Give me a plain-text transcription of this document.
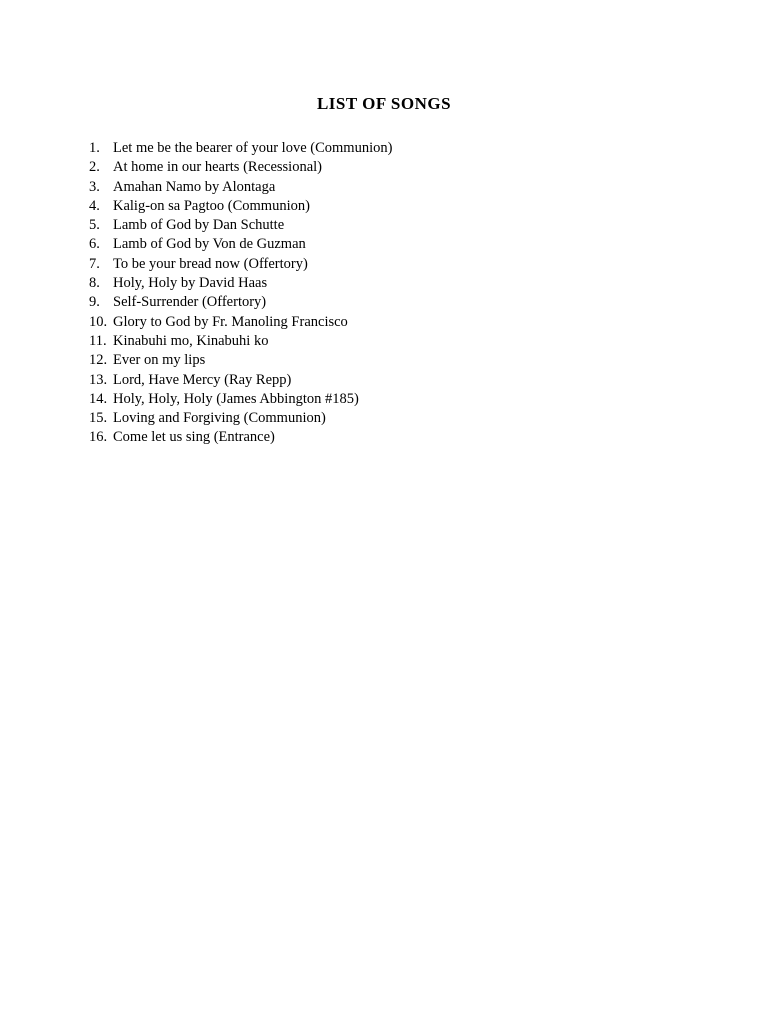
LIST OF SONGS
1. Let me be the bearer of your love (Communion)
2. At home in our hearts (Recessional)
3. Amahan Namo by Alontaga
4. Kalig-on sa Pagtoo (Communion)
5. Lamb of God by Dan Schutte
6. Lamb of God by Von de Guzman
7. To be your bread now (Offertory)
8. Holy, Holy by David Haas
9. Self-Surrender (Offertory)
10. Glory to God by Fr. Manoling Francisco
11. Kinabuhi mo, Kinabuhi ko
12. Ever on my lips
13. Lord, Have Mercy (Ray Repp)
14. Holy, Holy, Holy (James Abbington #185)
15. Loving and Forgiving (Communion)
16. Come let us sing (Entrance)
